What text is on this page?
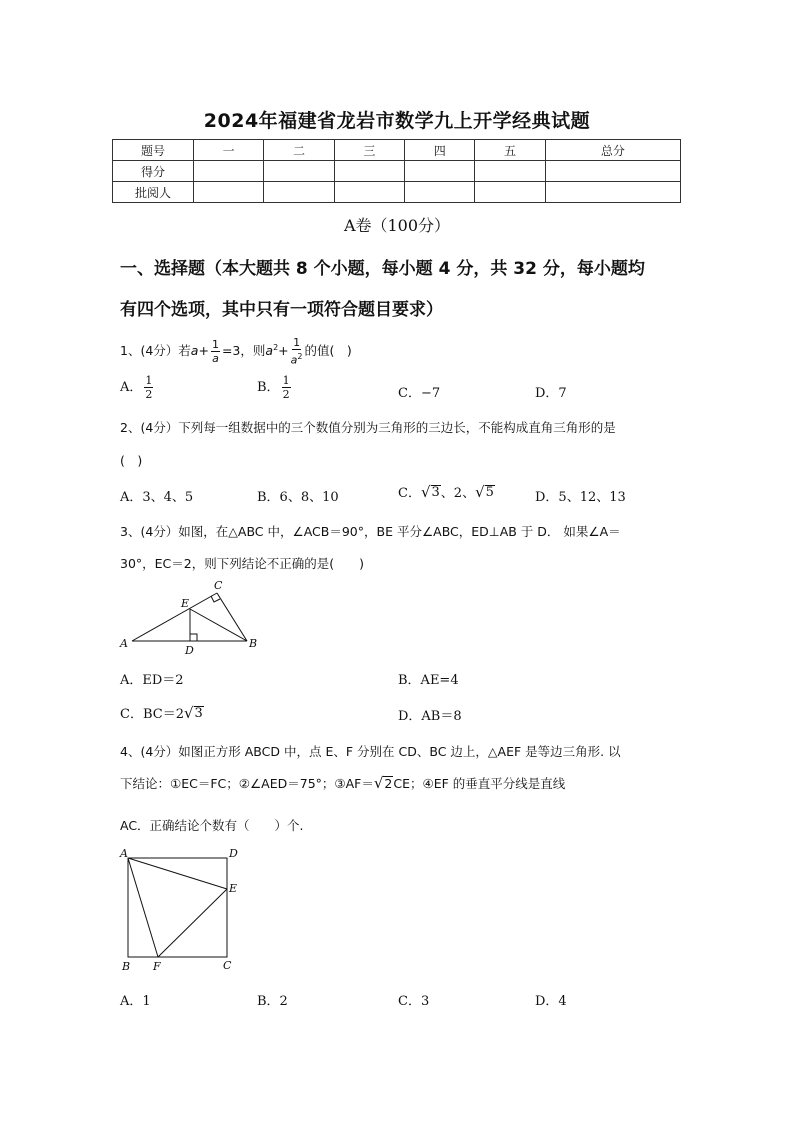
2024年福建省龙岩市数学九上开学经典试题
题号	一	二	三	四	五	总分
得分						
批阅人						
A卷（100分）
一、选择题（本大题共 8 个小题，每小题 4 分，共 32 分，每小题均
有四个选项，其中只有一项符合题目要求）
1、(4分）若$a+ \frac{1}{a} =3$，则$a^2+ \frac{1}{a^2}$ 的值(　)
A． $\frac{1}{2}$	B． $\frac{1}{2}$	C．−7	D．7
2、(4分）下列每一组数据中的三个数值分别为三角形的三边长，不能构成直角三角形的是
(　)
A．3、4、5	B．6、8、10	C． √ 3 、2、 √ 5	D．5、12、13
3、(4分）如图，在△ABC 中，∠ACB＝90°，BE 平分∠ABC，ED⊥AB 于 D． 如果∠A＝
30°，EC＝2，则下列结论不正确的是(　　)
A	B
C
D
E
A．ED＝2	B．AE=4
C．BC＝2 √ 3	D．AB＝8
4、(4分）如图正方形 ABCD 中，点 E、F 分别在 CD、BC 边上，△AEF 是等边三角形. 以
下结论：①EC＝FC；②∠AED＝75°；③AF＝ √ 2 CE；④EF 的垂直平分线是直线
AC．正确结论个数有（　　）个.
A	D
E
B F	C
A．1	B．2	C．3	D．4
